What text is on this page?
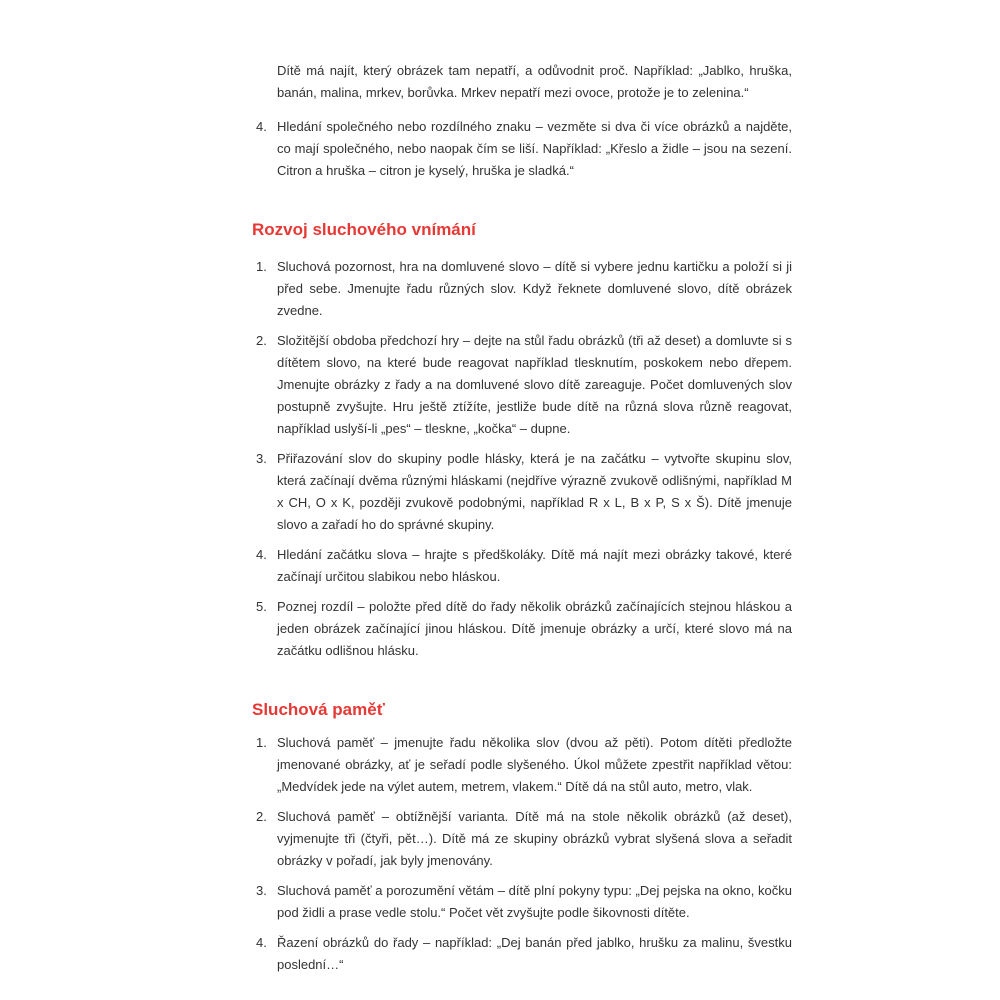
Dítě má najít, který obrázek tam nepatří, a odůvodnit proč. Například: „Jablko, hruška, banán, malina, mrkev, borůvka. Mrkev nepatří mezi ovoce, protože je to zelenina.“

4. Hledání společného nebo rozdílného znaku – vezměte si dva či více obrázků a najděte, co mají společného, nebo naopak čím se liší. Například: „Křeslo a židle – jsou na sezení. Citron a hruška – citron je kyselý, hruška je sladká.“
Rozvoj sluchového vnímání
1. Sluchová pozornost, hra na domluvené slovo – dítě si vybere jednu kartičku a položí si ji před sebe. Jmenujte řadu různých slov. Když řeknete domluvené slovo, dítě obrázek zvedne.
2. Složitější obdoba předchozí hry – dejte na stůl řadu obrázků (tři až deset) a domluvte si s dítětem slovo, na které bude reagovat například tlesknutím, poskokem nebo dřepem. Jmenujte obrázky z řady a na domluvené slovo dítě zareaguje. Počet domluvených slov postupně zvyšujte. Hru ještě ztížíte, jestliže bude dítě na různá slova různě reagovat, například uslyší-li „pes“ – tleskne, „kočka“ – dupne.
3. Přiřazování slov do skupiny podle hlásky, která je na začátku – vytvořte skupinu slov, která začínají dvěma různými hláskami (nejdříve výrazně zvukově odlišnými, například M x CH, O x K, později zvukově podobnými, například R x L, B x P, S x Š). Dítě jmenuje slovo a zařadí ho do správné skupiny.
4. Hledání začátku slova – hrajte s předškoláky. Dítě má najít mezi obrázky takové, které začínají určitou slabikou nebo hláskou.
5. Poznej rozdíl – položte před dítě do řady několik obrázků začínajících stejnou hláskou a jeden obrázek začínající jinou hláskou. Dítě jmenuje obrázky a určí, které slovo má na začátku odlišnou hlásku.
Sluchová paměť
1. Sluchová paměť – jmenujte řadu několika slov (dvou až pěti). Potom dítěti předložte jmenované obrázky, ať je seřadí podle slyšeného. Úkol můžete zpestřit například větou: „Medvídek jede na výlet autem, metrem, vlakem.“ Dítě dá na stůl auto, metro, vlak.
2. Sluchová paměť – obtížnější varianta. Dítě má na stole několik obrázků (až deset), vyjmenujte tři (čtyři, pět…). Dítě má ze skupiny obrázků vybrat slyšená slova a seřadit obrázky v pořadí, jak byly jmenovány.
3. Sluchová paměť a porozumění větám – dítě plní pokyny typu: „Dej pejska na okno, kočku pod židli a prase vedle stolu.“ Počet vět zvyšujte podle šikovnosti dítěte.
4. Řazení obrázků do řady – například: „Dej banán před jablko, hrušku za malinu, švestku poslední…“
